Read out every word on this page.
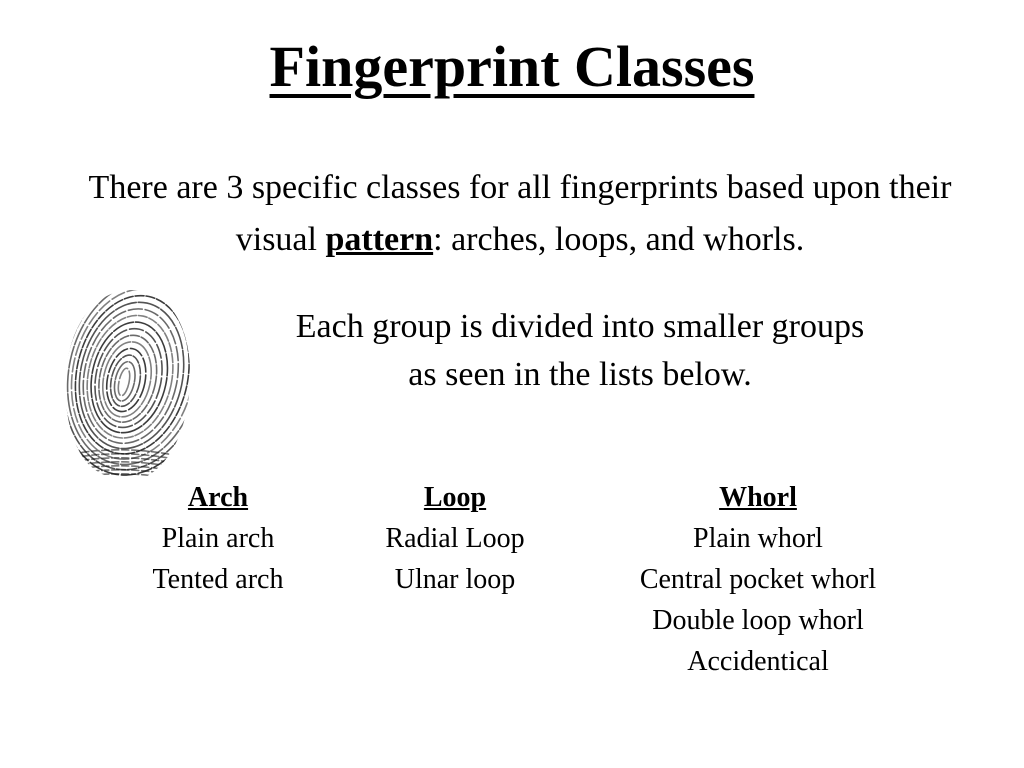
Fingerprint Classes
There are 3 specific classes for all fingerprints based upon their visual pattern: arches, loops, and whorls.
Each group is divided into smaller groups
as seen in the lists below.
Arch
Plain arch
Tented arch
Loop
Radial Loop
Ulnar loop
Whorl
Plain whorl
Central pocket whorl
Double loop whorl
Accidentical
